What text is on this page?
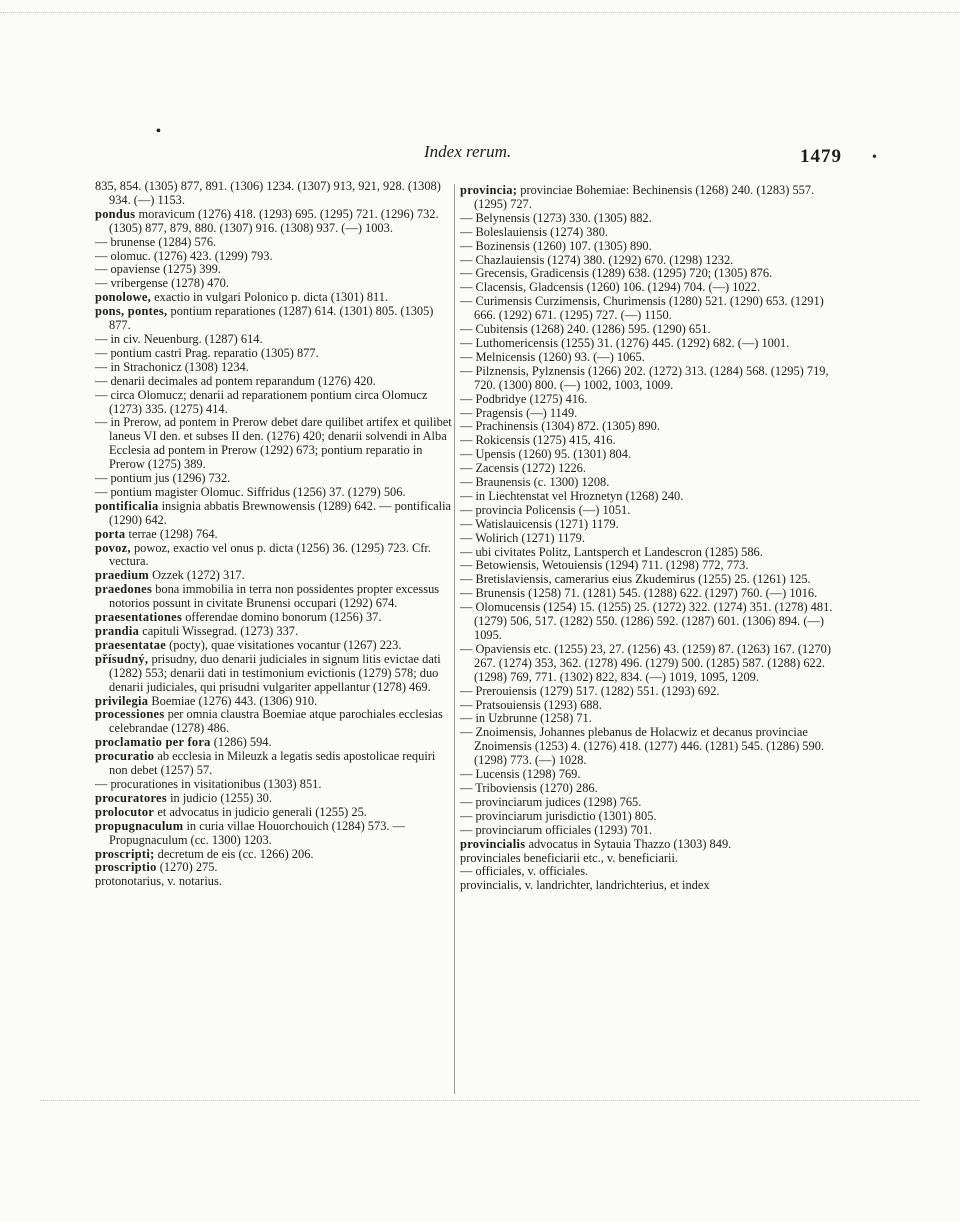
•
Index rerum.	1479 •

835, 854. (1305) 877, 891. (1306) 1234. (1307) 913, 921, 928. (1308) 934. (—) 1153.

pondus moravicum (1276) 418. (1293) 695. (1295) 721. (1296) 732. (1305) 877, 879, 880. (1307) 916. (1308) 937. (—) 1003.

— brunense (1284) 576.

— olomuc. (1276) 423. (1299) 793.

— opaviense (1275) 399.

— vribergense (1278) 470.

ponolowe, exactio in vulgari Polonico p. dicta (1301) 811.

pons, pontes, pontium reparationes (1287) 614. (1301) 805. (1305) 877.

— in civ. Neuenburg. (1287) 614.

— pontium castri Prag. reparatio (1305) 877.

— in Strachonicz (1308) 1234.

— denarii decimales ad pontem reparandum (1276) 420.

— circa Olomucz; denarii ad reparationem pontium circa Olomucz (1273) 335. (1275) 414.

— in Prerow, ad pontem in Prerow debet dare quilibet artifex et quilibet laneus VI den. et subses II den. (1276) 420; denarii solvendi in Alba Ecclesia ad pontem in Prerow (1292) 673; pontium reparatio in Prerow (1275) 389.

— pontium jus (1296) 732.

— pontium magister Olomuc. Siffridus (1256) 37. (1279) 506.

pontificalia insignia abbatis Brewnowensis (1289) 642. — pontificalia (1290) 642.

porta terrae (1298) 764.

povoz, powoz, exactio vel onus p. dicta (1256) 36. (1295) 723. Cfr. vectura.

praedium Ozzek (1272) 317.

praedones bona immobilia in terra non possidentes propter excessus notorios possunt in civitate Brunensi occupari (1292) 674.

praesentationes offerendae domino bonorum (1256) 37.

prandia capituli Wissegrad. (1273) 337.

praesentatae (pocty), quae visitationes vocantur (1267) 223.

přísudný, prisudny, duo denarii judiciales in signum litis evictae dati (1282) 553; denarii dati in testimonium evictionis (1279) 578; duo denarii judiciales, qui prisudni vulgariter appellantur (1278) 469.

privilegia Boemiae (1276) 443. (1306) 910.

processiones per omnia claustra Boemiae atque parochiales ecclesias celebrandae (1278) 486.

proclamatio per fora (1286) 594.

procuratio ab ecclesia in Mileuzk a legatis sedis apostolicae requiri non debet (1257) 57.

— procurationes in visitationibus (1303) 851.

procuratores in judicio (1255) 30.

prolocutor et advocatus in judicio generali (1255) 25.

propugnaculum in curia villae Houorchouich (1284) 573. — Propugnaculum (cc. 1300) 1203.

proscripti; decretum de eis (cc. 1266) 206.

proscriptio (1270) 275.

protonotarius, v. notarius.

provincia; provinciae Bohemiae: Bechinensis (1268) 240. (1283) 557. (1295) 727.

— Belynensis (1273) 330. (1305) 882.

— Boleslauiensis (1274) 380.

— Bozinensis (1260) 107. (1305) 890.

— Chazlauiensis (1274) 380. (1292) 670. (1298) 1232.

— Grecensis, Gradicensis (1289) 638. (1295) 720; (1305) 876.

— Clacensis, Gladcensis (1260) 106. (1294) 704. (—) 1022.

— Curimensis Curzimensis, Churimensis (1280) 521. (1290) 653. (1291) 666. (1292) 671. (1295) 727. (—) 1150.

— Cubitensis (1268) 240. (1286) 595. (1290) 651.

— Luthomericensis (1255) 31. (1276) 445. (1292) 682. (—) 1001.

— Melnicensis (1260) 93. (—) 1065.

— Pilznensis, Pylznensis (1266) 202. (1272) 313. (1284) 568. (1295) 719, 720. (1300) 800. (—) 1002, 1003, 1009.

— Podbridye (1275) 416.

— Pragensis (—) 1149.

— Prachinensis (1304) 872. (1305) 890.

— Rokicensis (1275) 415, 416.

— Upensis (1260) 95. (1301) 804.

— Zacensis (1272) 1226.

— Braunensis (c. 1300) 1208.

— in Liechtenstat vel Hroznetyn (1268) 240.

— provincia Policensis (—) 1051.

— Watislauicensis (1271) 1179.

— Wolirich (1271) 1179.

— ubi civitates Politz, Lantsperch et Landescron (1285) 586.

— Betowiensis, Wetouiensis (1294) 711. (1298) 772, 773.

— Bretislaviensis, camerarius eius Zkudemirus (1255) 25. (1261) 125.

— Brunensis (1258) 71. (1281) 545. (1288) 622. (1297) 760. (—) 1016.

— Olomucensis (1254) 15. (1255) 25. (1272) 322. (1274) 351. (1278) 481. (1279) 506, 517. (1282) 550. (1286) 592. (1287) 601. (1306) 894. (—) 1095.

— Opaviensis etc. (1255) 23, 27. (1256) 43. (1259) 87. (1263) 167. (1270) 267. (1274) 353, 362. (1278) 496. (1279) 500. (1285) 587. (1288) 622. (1298) 769, 771. (1302) 822, 834. (—) 1019, 1095, 1209.

— Prerouiensis (1279) 517. (1282) 551. (1293) 692.

— Pratsouiensis (1293) 688.

— in Uzbrunne (1258) 71.

— Znoimensis, Johannes plebanus de Holacwiz et decanus provinciae Znoimensis (1253) 4. (1276) 418. (1277) 446. (1281) 545. (1286) 590. (1298) 773. (—) 1028.

— Lucensis (1298) 769.

— Triboviensis (1270) 286.

— provinciarum judices (1298) 765.

— provinciarum jurisdictio (1301) 805.

— provinciarum officiales (1293) 701.

provincialis advocatus in Sytauia Thazzo (1303) 849.

provinciales beneficiarii etc., v. beneficiarii.

— officiales, v. officiales.

provincialis, v. landrichter, landrichterius, et index
